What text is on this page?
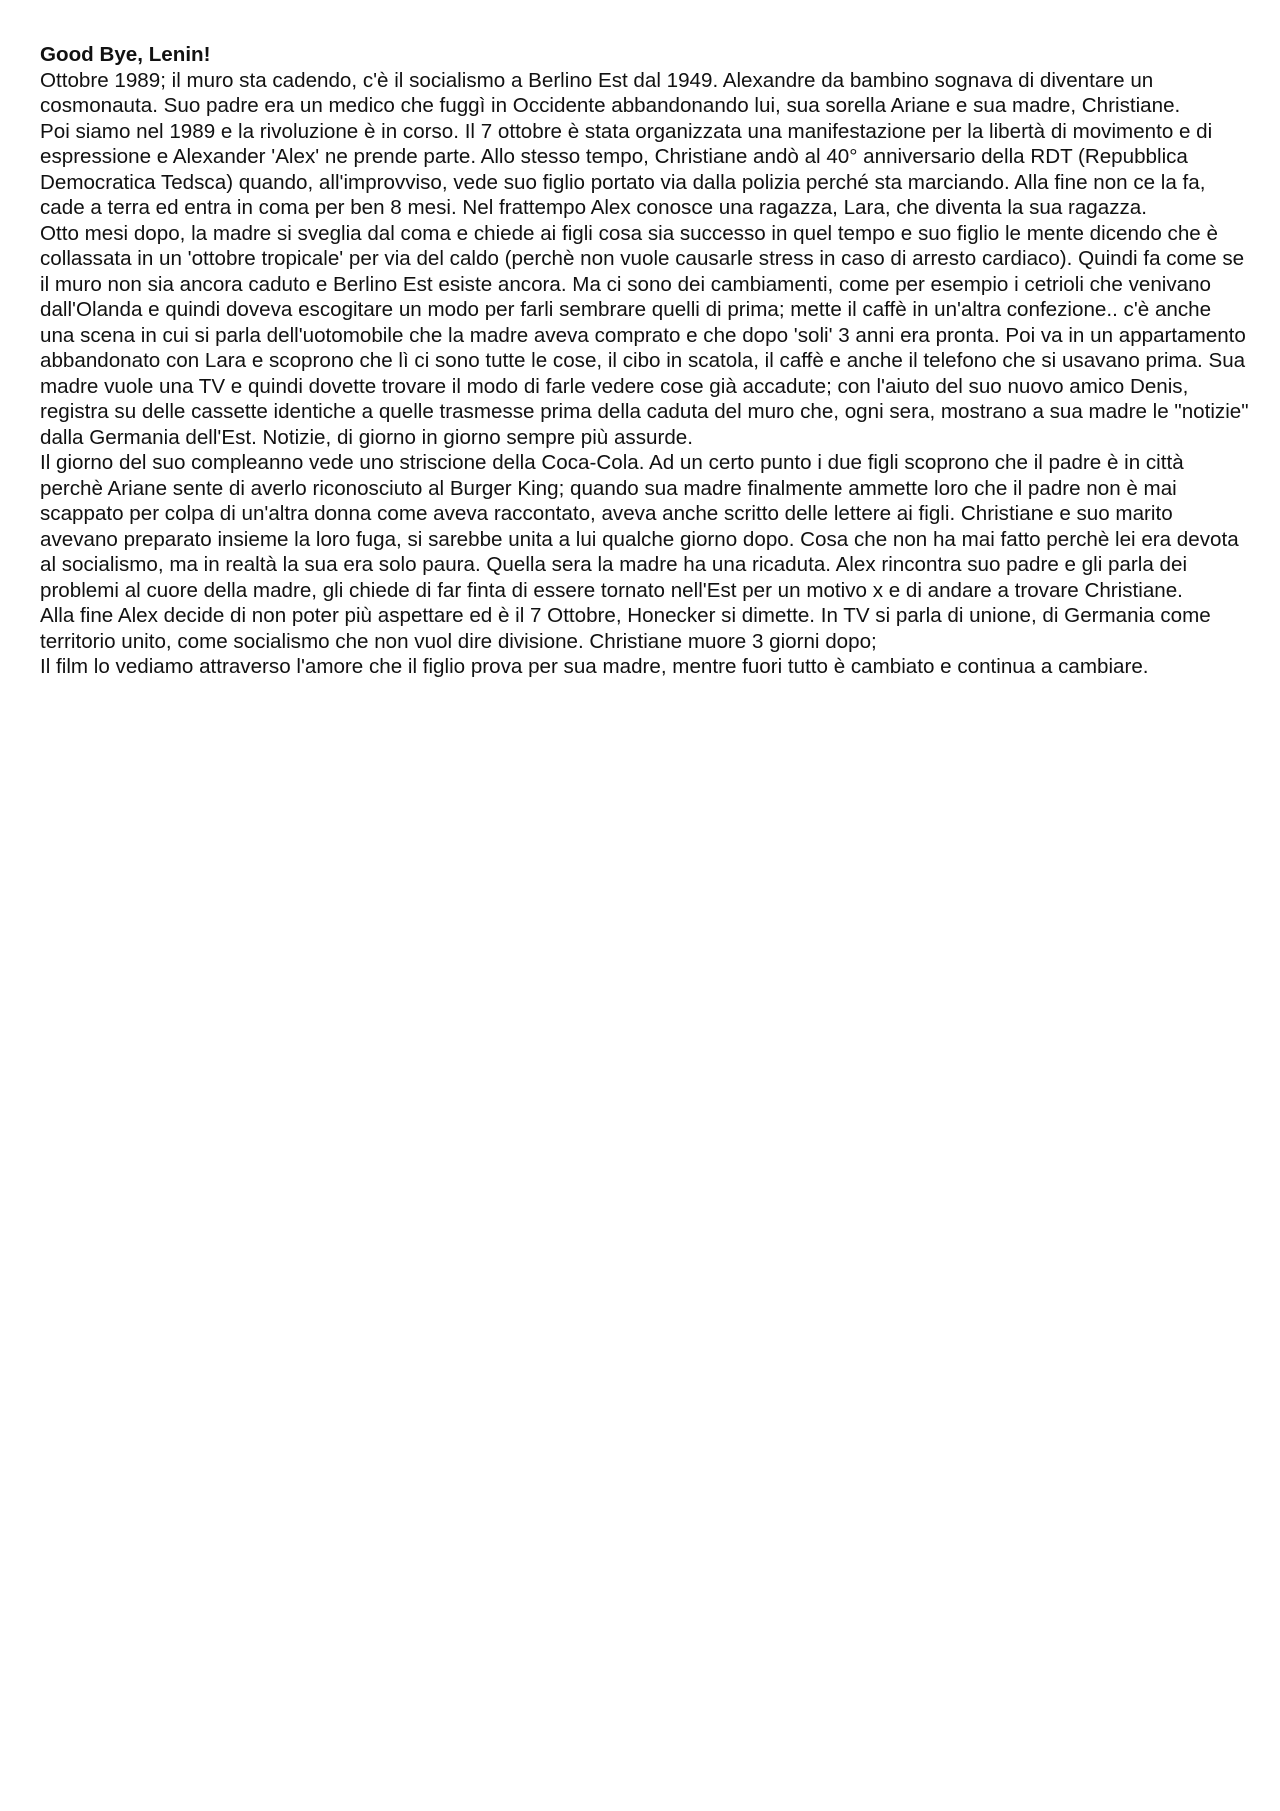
Good Bye, Lenin!

Ottobre 1989; il muro sta cadendo, c'è il socialismo a Berlino Est dal 1949. Alexandre da bambino sognava di diventare un cosmonauta. Suo padre era un medico che fuggì in Occidente abbandonando lui, sua sorella Ariane e sua madre, Christiane.

Poi siamo nel 1989 e la rivoluzione è in corso. Il 7 ottobre è stata organizzata una manifestazione per la libertà di movimento e di espressione e Alexander 'Alex' ne prende parte. Allo stesso tempo, Christiane andò al 40° anniversario della RDT (Repubblica Democratica Tedsca) quando, all'improvviso, vede suo figlio portato via dalla polizia perché sta marciando. Alla fine non ce la fa, cade a terra ed entra in coma per ben 8 mesi. Nel frattempo Alex conosce una ragazza, Lara, che diventa la sua ragazza.

Otto mesi dopo, la madre si sveglia dal coma e chiede ai figli cosa sia successo in quel tempo e suo figlio le mente dicendo che è collassata in un 'ottobre tropicale' per via del caldo (perchè non vuole causarle stress in caso di arresto cardiaco). Quindi fa come se il muro non sia ancora caduto e Berlino Est esiste ancora. Ma ci sono dei cambiamenti, come per esempio i cetrioli che venivano dall'Olanda e quindi doveva escogitare un modo per farli sembrare quelli di prima; mette il caffè in un'altra confezione.. c'è anche una scena in cui si parla dell'uotomobile che la madre aveva comprato e che dopo 'soli' 3 anni era pronta. Poi va in un appartamento abbandonato con Lara e scoprono che lì ci sono tutte le cose, il cibo in scatola, il caffè e anche il telefono che si usavano prima. Sua madre vuole una TV e quindi dovette trovare il modo di farle vedere cose già accadute; con l'aiuto del suo nuovo amico Denis, registra su delle cassette identiche a quelle trasmesse prima della caduta del muro che, ogni sera, mostrano a sua madre le "notizie" dalla Germania dell'Est. Notizie, di giorno in giorno sempre più assurde.

Il giorno del suo compleanno vede uno striscione della Coca-Cola. Ad un certo punto i due figli scoprono che il padre è in città perchè Ariane sente di averlo riconosciuto al Burger King; quando sua madre finalmente ammette loro che il padre non è mai scappato per colpa di un'altra donna come aveva raccontato, aveva anche scritto delle lettere ai figli. Christiane e suo marito avevano preparato insieme la loro fuga, si sarebbe unita a lui qualche giorno dopo. Cosa che non ha mai fatto perchè lei era devota al socialismo, ma in realtà la sua era solo paura. Quella sera la madre ha una ricaduta. Alex rincontra suo padre e gli parla dei problemi al cuore della madre, gli chiede di far finta di essere tornato nell'Est per un motivo x e di andare a trovare Christiane.

Alla fine Alex decide di non poter più aspettare ed è il 7 Ottobre, Honecker si dimette. In TV si parla di unione, di Germania come territorio unito, come socialismo che non vuol dire divisione. Christiane muore 3 giorni dopo;

Il film lo vediamo attraverso l'amore che il figlio prova per sua madre, mentre fuori tutto è cambiato e continua a cambiare.
